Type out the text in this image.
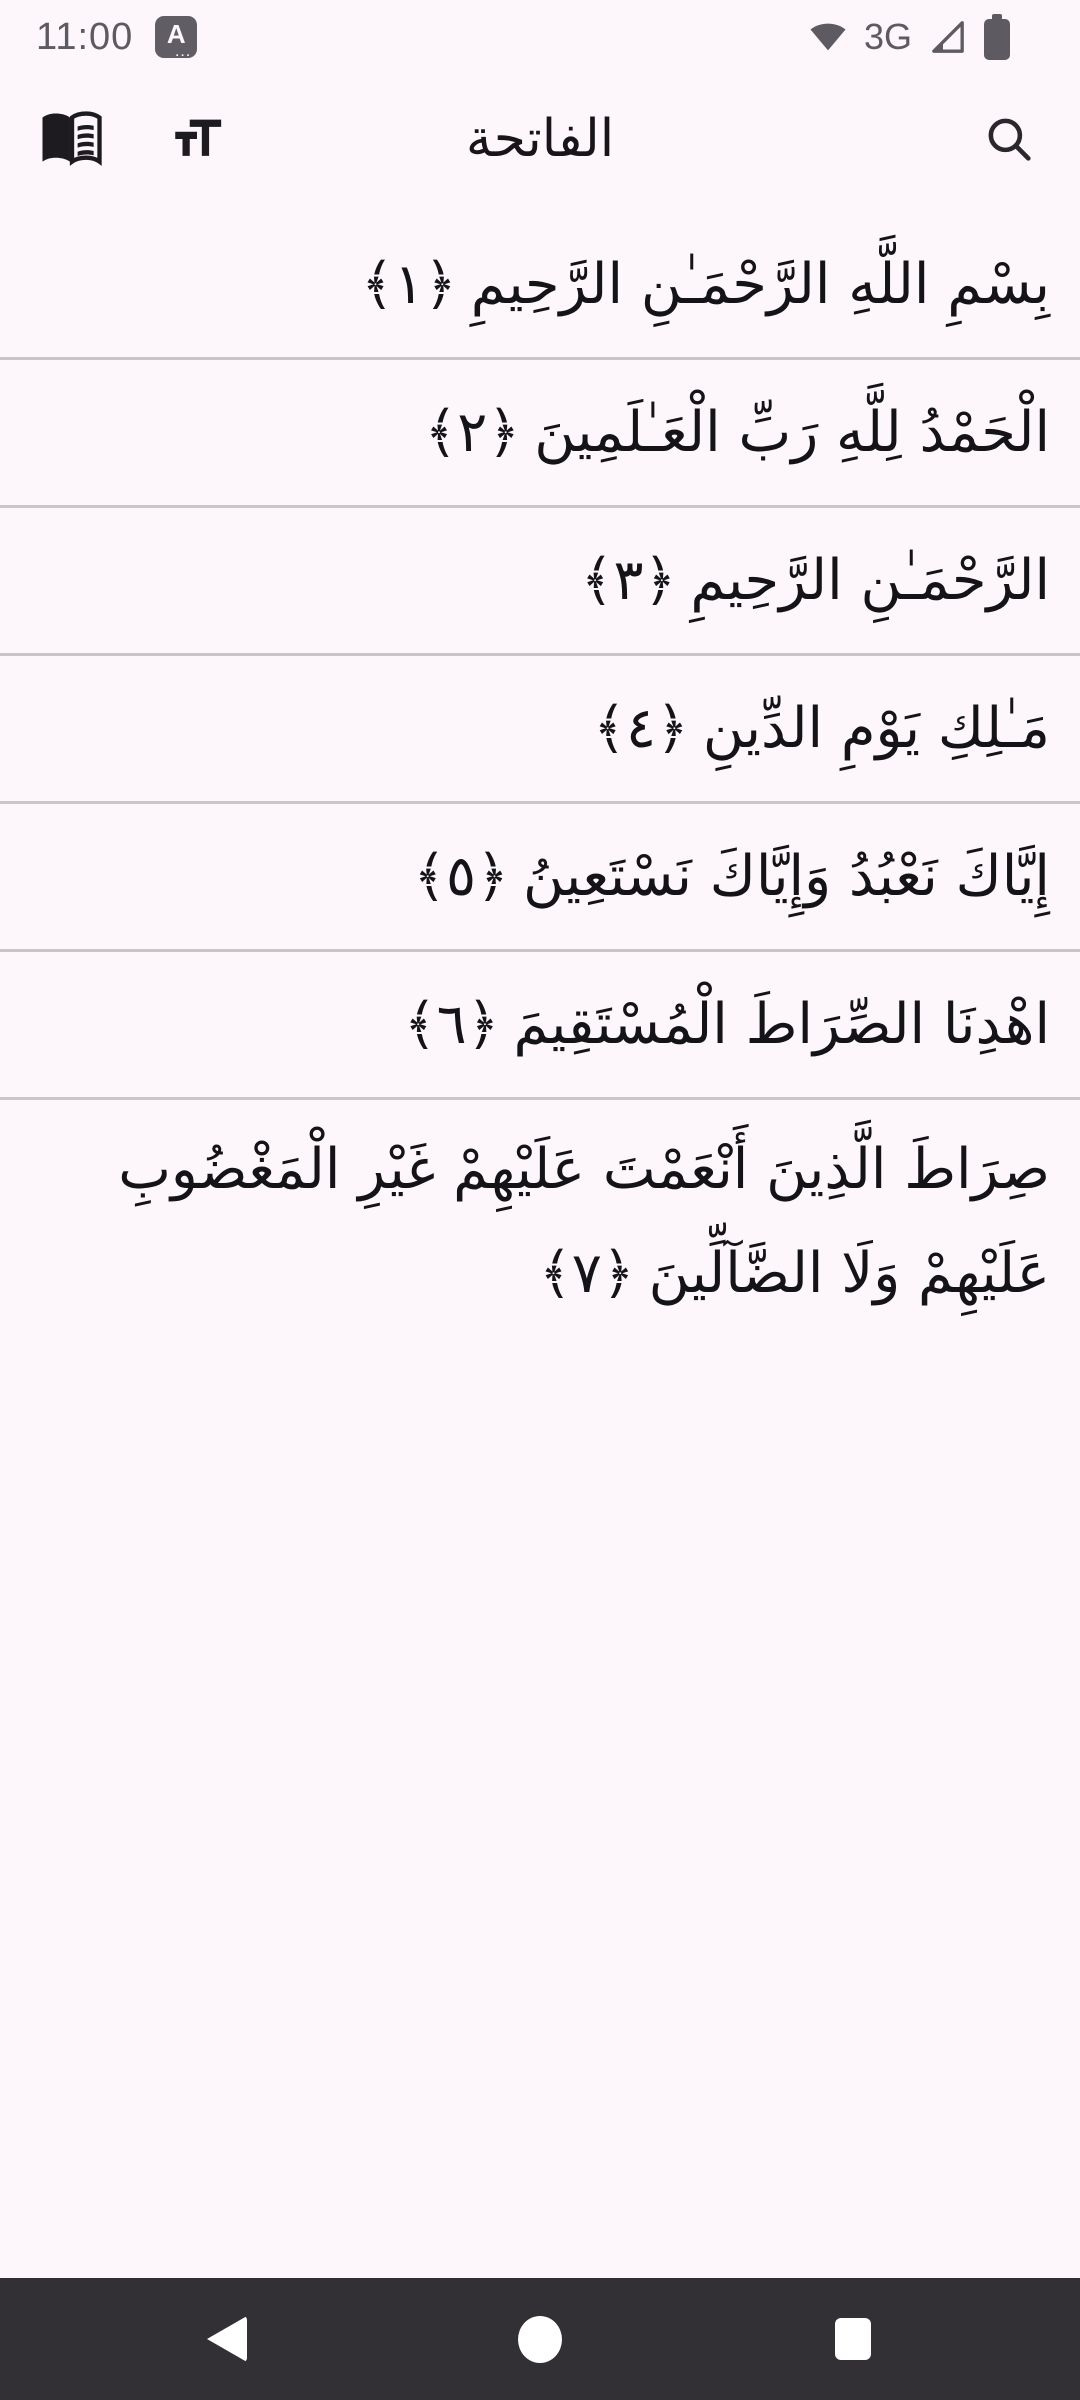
11:00 A
...	3G
الفاتحة
بِسْمِ اللَّهِ الرَّحْمَـٰنِ الرَّحِيمِ﴿١﴾
الْحَمْدُ لِلَّهِ رَبِّ الْعَـٰلَمِينَ﴿٢﴾
الرَّحْمَـٰنِ الرَّحِيمِ﴿٣﴾
مَـٰلِكِ يَوْمِ الدِّينِ﴿٤﴾
إِيَّاكَ نَعْبُدُ وَإِيَّاكَ نَسْتَعِينُ﴿٥﴾
اهْدِنَا الصِّرَاطَ الْمُسْتَقِيمَ﴿٦﴾
صِرَاطَ الَّذِينَ أَنْعَمْتَ عَلَيْهِمْ غَيْرِ الْمَغْضُوبِ عَلَيْهِمْ وَلَا الضَّآلِّينَ﴿٧﴾
